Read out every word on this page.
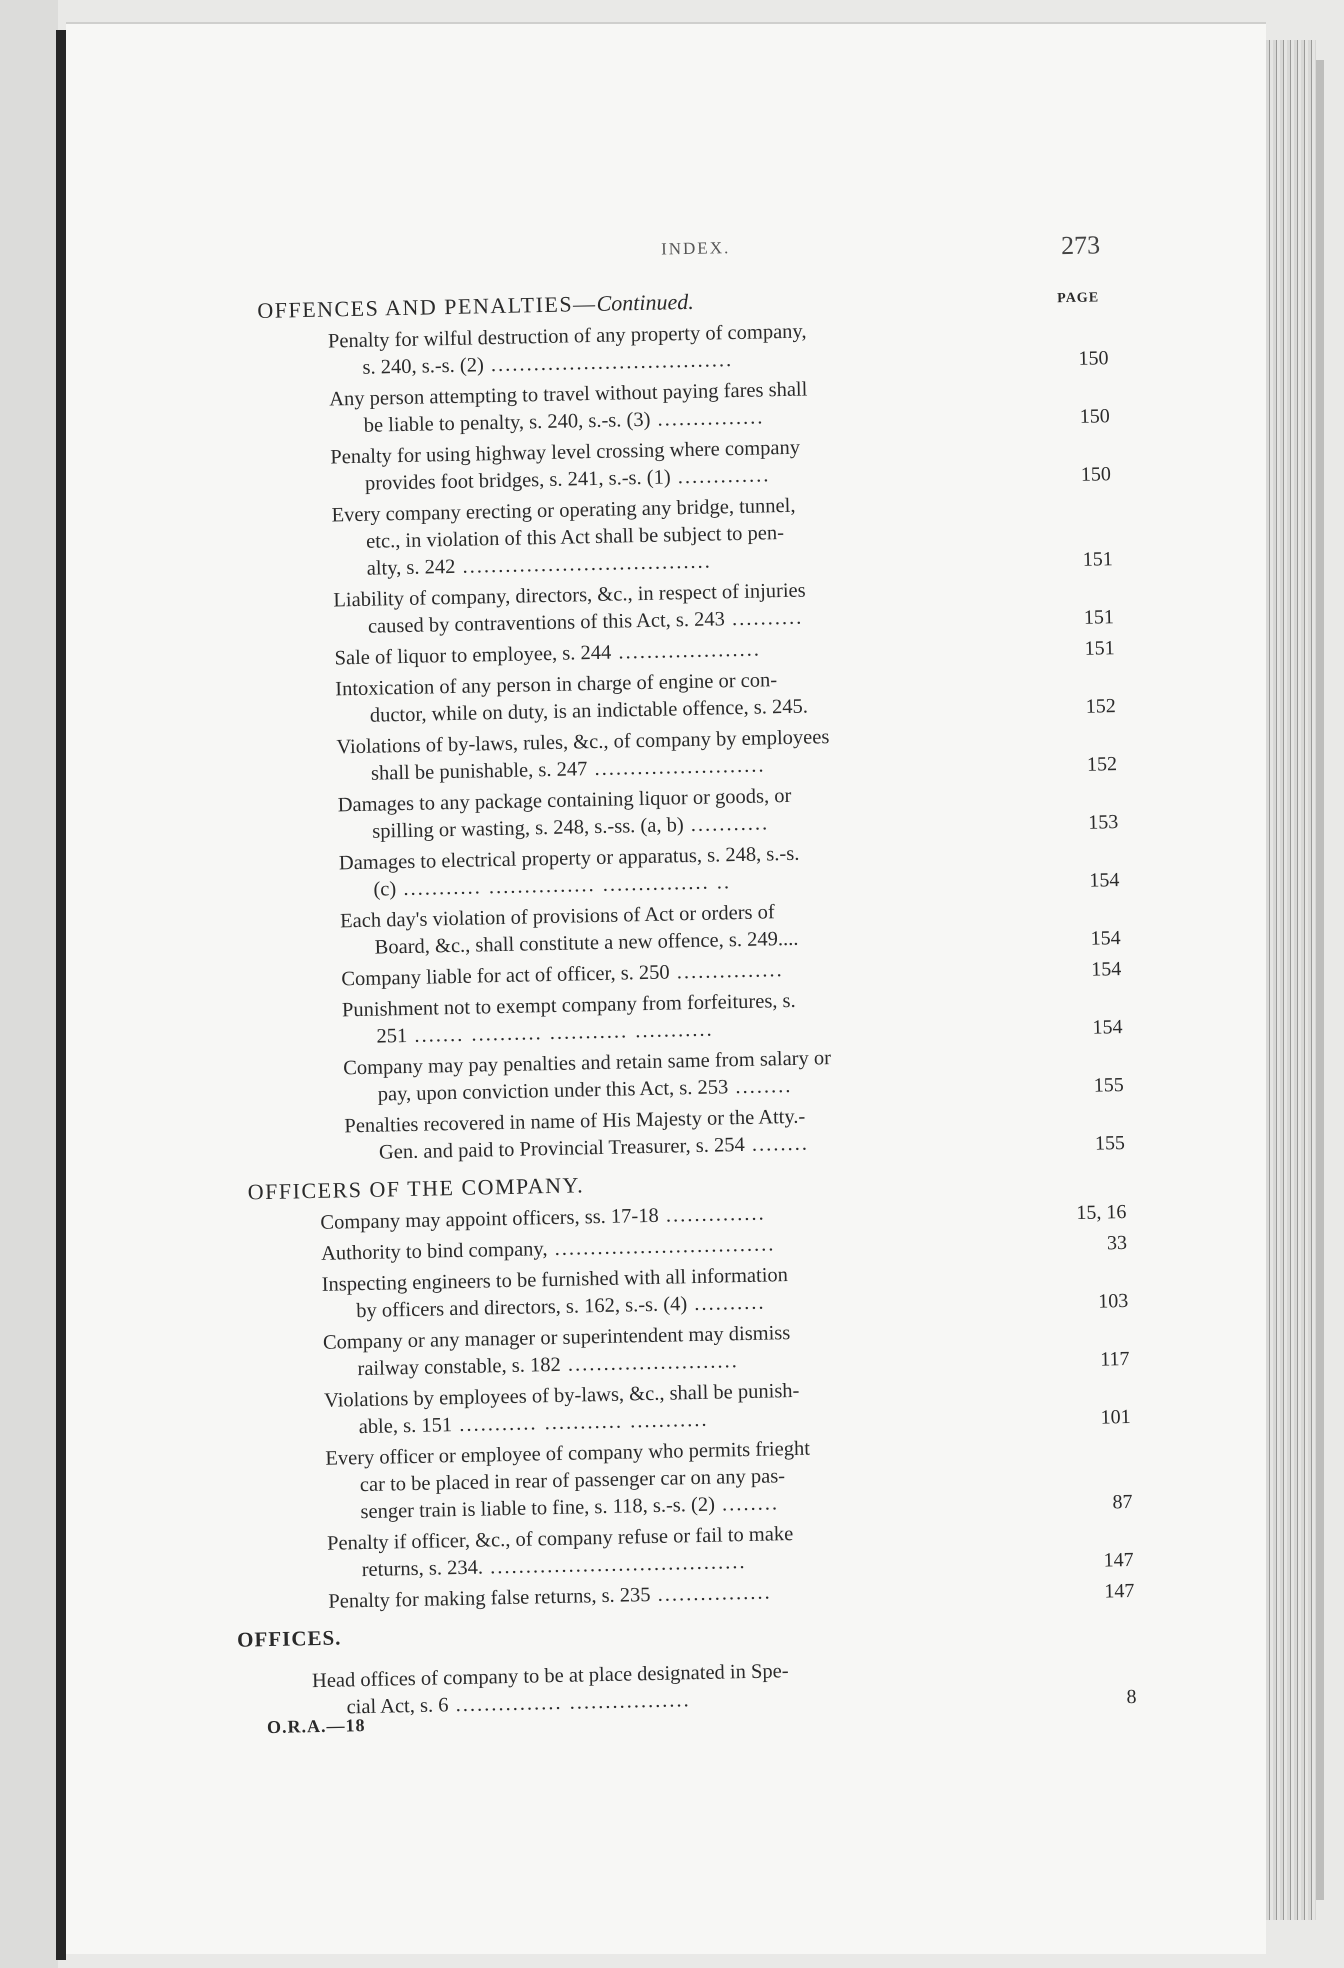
INDEX.	273
OFFENCES AND PENALTIES—Continued.	PAGE
Penalty for wilful destruction of any property of company,
s. 240, s.-s. (2) ..................................	150
Any person attempting to travel without paying fares shall
be liable to penalty, s. 240, s.-s. (3) ...............	150
Penalty for using highway level crossing where company
provides foot bridges, s. 241, s.-s. (1) .............	150
Every company erecting or operating any bridge, tunnel,
etc., in violation of this Act shall be subject to pen-
alty, s. 242 ...................................	151
Liability of company, directors, &c., in respect of injuries
caused by contraventions of this Act, s. 243 ..........	151
Sale of liquor to employee, s. 244 ....................	151
Intoxication of any person in charge of engine or con-
ductor, while on duty, is an indictable offence, s. 245.	152
Violations of by-laws, rules, &c., of company by employees
shall be punishable, s. 247 ........................	152
Damages to any package containing liquor or goods, or
spilling or wasting, s. 248, s.-ss. (a, b) ...........	153
Damages to electrical property or apparatus, s. 248, s.-s.
(c) ........... ............... ............... ..	154
Each day's violation of provisions of Act or orders of
Board, &c., shall constitute a new offence, s. 249....	154
Company liable for act of officer, s. 250 ...............	154
Punishment not to exempt company from forfeitures, s.
251 ....... .......... ........... ...........	154
Company may pay penalties and retain same from salary or
pay, upon conviction under this Act, s. 253 ........	155
Penalties recovered in name of His Majesty or the Atty.-
Gen. and paid to Provincial Treasurer, s. 254 ........	155
OFFICERS OF THE COMPANY.
Company may appoint officers, ss. 17-18 ..............	15, 16
Authority to bind company, ...............................	33
Inspecting engineers to be furnished with all information
by officers and directors, s. 162, s.-s. (4) ..........	103
Company or any manager or superintendent may dismiss
railway constable, s. 182 ........................	117
Violations by employees of by-laws, &c., shall be punish-
able, s. 151 ........... ........... ...........	101
Every officer or employee of company who permits frieght
car to be placed in rear of passenger car on any pas-
senger train is liable to fine, s. 118, s.-s. (2) ........	87
Penalty if officer, &c., of company refuse or fail to make
returns, s. 234. ....................................	147
Penalty for making false returns, s. 235 ................	147
OFFICES.
Head offices of company to be at place designated in Spe-
cial Act, s. 6 ............... .................	8
O.R.A.—18
